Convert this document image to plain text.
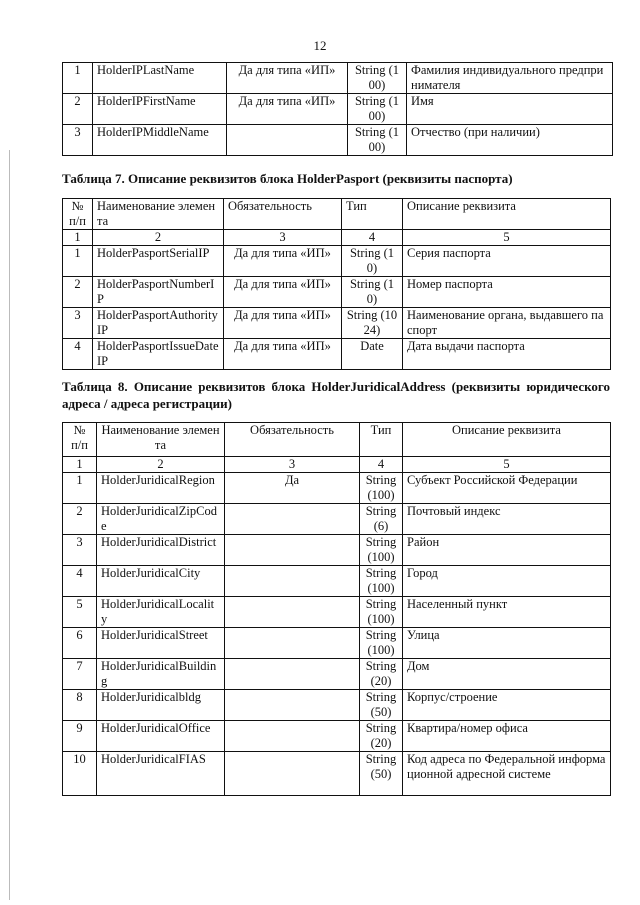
12
1	HolderIPLastName	Да для типа «ИП»	String (100)	Фамилия индивидуального предпринимателя
2	HolderIPFirstName	Да для типа «ИП»	String (100)	Имя
3	HolderIPMiddleName		String (100)	Отчество (при наличии)
Таблица 7. Описание реквизитов блока HolderPasport (реквизиты паспорта)
№ п/п	Наименование элемента	Обязательность	Тип	Описание реквизита
1	2	3	4	5
1	HolderPasportSerialIP	Да для типа «ИП»	String (10)	Серия паспорта
2	HolderPasportNumberIP	Да для типа «ИП»	String (10)	Номер паспорта
3	HolderPasportAuthorityIP	Да для типа «ИП»	String (1024)	Наименование органа, выдавшего паспорт
4	HolderPasportIssueDateIP	Да для типа «ИП»	Date	Дата выдачи паспорта
Таблица 8. Описание реквизитов блока HolderJuridicalAddress (реквизиты юридического адреса / адреса регистрации)
№ п/п	Наименование элемента	Обязательность	Тип	Описание реквизита
1	2	3	4	5
1	HolderJuridicalRegion	Да	String (100)	Субъект Российской Федерации
2	HolderJuridicalZipCode		String (6)	Почтовый индекс
3	HolderJuridicalDistrict		String (100)	Район
4	HolderJuridicalCity		String (100)	Город
5	HolderJuridicalLocality		String (100)	Населенный пункт
6	HolderJuridicalStreet		String (100)	Улица
7	HolderJuridicalBuilding		String (20)	Дом
8	HolderJuridicalbldg		String (50)	Корпус/строение
9	HolderJuridicalOffice		String (20)	Квартира/номер офиса
10	HolderJuridicalFIAS		String (50)	Код адреса по Федеральной информационной адресной системе
